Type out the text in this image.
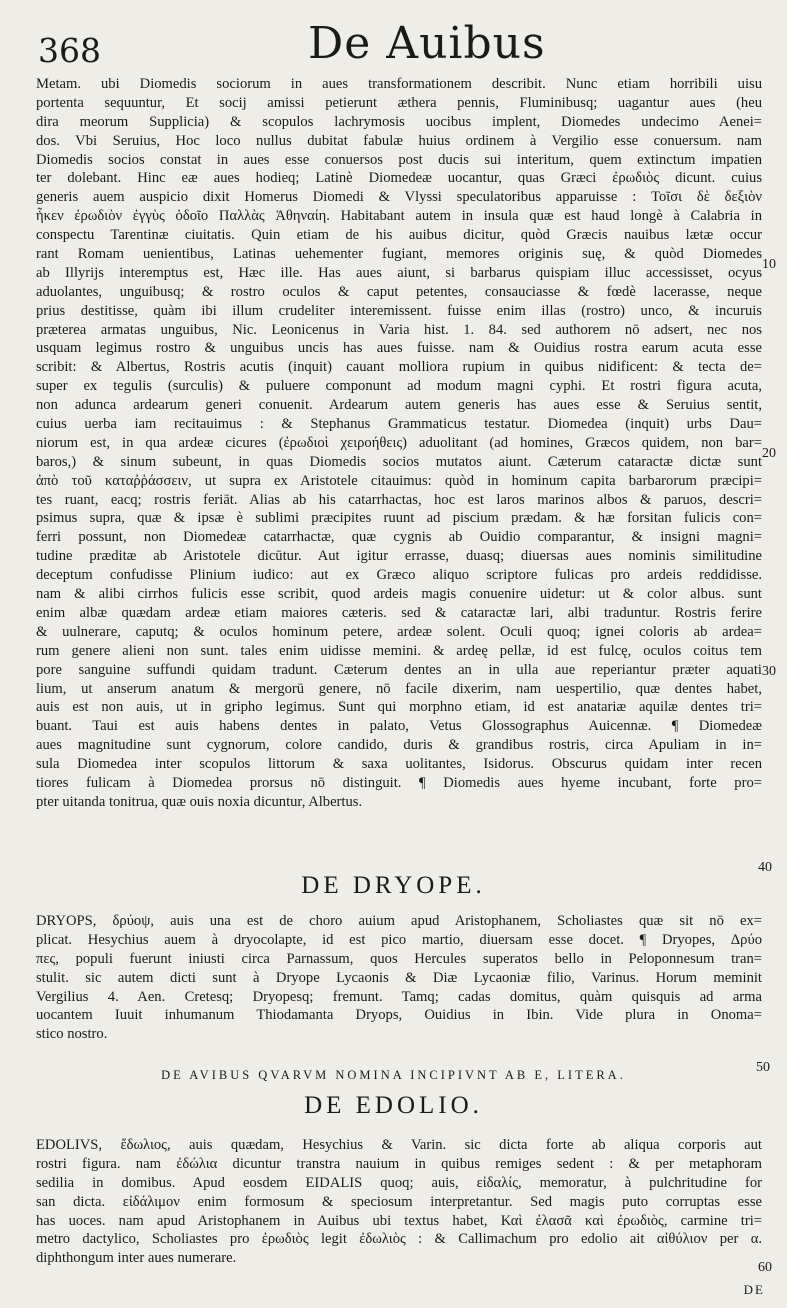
368	De Auibus
Metam. ubi Diomedis sociorum in aues transformationem describit. Nunc etiam horribili uisu
portenta sequuntur, Et socij amissi petierunt æthera pennis, Fluminibusq; uagantur aues (heu
dira meorum Supplicia) & scopulos lachrymosis uocibus implent, Diomedes undecimo Aenei=
dos. Vbi Seruius, Hoc loco nullus dubitat fabulæ huius ordinem à Vergilio esse conuersum. nam
Diomedis socios constat in aues esse conuersos post ducis sui interitum, quem extinctum impatien
ter dolebant. Hinc eæ aues hodieq; Latinè Diomedeæ uocantur, quas Græci ἐρωδιὸς dicunt. cuius
generis auem auspicio dixit Homerus Diomedi & Vlyssi speculatoribus apparuisse : Τοῖσι δὲ δεξιὸν
ἧκεν ἐρωδιὸν ἐγγὺς ὁδοῖο Παλλὰς Ἀθηναίη. Habitabant autem in insula quæ est haud longè à Calabria in
conspectu Tarentinæ ciuitatis. Quin etiam de his auibus dicitur, quòd Græcis nauibus lætæ occur
rant Romam uenientibus, Latinas uehementer fugiant, memores originis suę, & quòd Diomedes
ab Illyrijs interemptus est, Hæc ille. Has aues aiunt, si barbarus quispiam illuc accessisset, ocyus
aduolantes, unguibusq; & rostro oculos & caput petentes, consauciasse & fœdè lacerasse, neque
prius destitisse, quàm ibi illum crudeliter interemissent. fuisse enim illas (rostro) unco, & incuruis
præterea armatas unguibus, Nic. Leonicenus in Varia hist. 1. 84. sed authorem nō adsert, nec nos
usquam legimus rostro & unguibus uncis has aues fuisse. nam & Ouidius rostra earum acuta esse
scribit: & Albertus, Rostris acutis (inquit) cauant molliora rupium in quibus nidificent: & tecta de=
super ex tegulis (surculis) & puluere componunt ad modum magni cyphi. Et rostri figura acuta,
non adunca ardearum generi conuenit. Ardearum autem generis has aues esse & Seruius sentit,
cuius uerba iam recitauimus : & Stephanus Grammaticus testatur. Diomedea (inquit) urbs Dau=
niorum est, in qua ardeæ cicures (ἐρωδιοὶ χειροήθεις) aduolitant (ad homines, Græcos quidem, non bar=
baros,) & sinum subeunt, in quas Diomedis socios mutatos aiunt. Cæterum cataractæ dictæ sunt
ἀπὸ τοῦ καταῤῥάσσειν, ut supra ex Aristotele citauimus: quòd in hominum capita barbarorum præcipi=
tes ruant, eacq; rostris feriāt. Alias ab his catarrhactas, hoc est laros marinos albos & paruos, descri=
psimus supra, quæ & ipsæ è sublimi præcipites ruunt ad piscium prædam. & hæ forsitan fulicis con=
ferri possunt, non Diomedeæ catarrhactæ, quæ cygnis ab Ouidio comparantur, & insigni magni=
tudine præditæ ab Aristotele dicūtur. Aut igitur errasse, duasq; diuersas aues nominis similitudine
deceptum confudisse Plinium iudico: aut ex Græco aliquo scriptore fulicas pro ardeis reddidisse.
nam & alibi cirrhos fulicis esse scribit, quod ardeis magis conuenire uidetur: ut & color albus. sunt
enim albæ quædam ardeæ etiam maiores cæteris. sed & cataractæ lari, albi traduntur. Rostris ferire
& uulnerare, caputq; & oculos hominum petere, ardeæ solent. Oculi quoq; ignei coloris ab ardea=
rum genere alieni non sunt. tales enim uidisse memini. & ardeę pellæ, id est fulcę, oculos coitus tem
pore sanguine suffundi quidam tradunt. Cæterum dentes an in ulla aue reperiantur præter aquati
lium, ut anserum anatum & mergorū genere, nō facile dixerim, nam uespertilio, quæ dentes habet,
auis est non auis, ut in gripho legimus. Sunt qui morphno etiam, id est anatariæ aquilæ dentes tri=
buant. Taui est auis habens dentes in palato, Vetus Glossographus Auicennæ. ¶ Diomedeæ
aues magnitudine sunt cygnorum, colore candido, duris & grandibus rostris, circa Apuliam in in=
sula Diomedea inter scopulos littorum & saxa uolitantes, Isidorus. Obscurus quidam inter recen
tiores fulicam à Diomedea prorsus nō distinguit. ¶ Diomedis aues hyeme incubant, forte pro=
pter uitanda tonitrua, quæ ouis noxia dicuntur, Albertus.
10
20
30
40
50
60
DE DRYOPE.
DRYOPS, δρύοψ, auis una est de choro auium apud Aristophanem, Scholiastes quæ sit nō ex=
plicat. Hesychius auem à dryocolapte, id est pico martio, diuersam esse docet. ¶ Dryopes, Δρύο
πες, populi fuerunt iniusti circa Parnassum, quos Hercules superatos bello in Peloponnesum tran=
stulit. sic autem dicti sunt à Dryope Lycaonis & Diæ Lycaoniæ filio, Varinus. Horum meminit
Vergilius 4. Aen. Cretesq; Dryopesq; fremunt. Tamq; cadas domitus, quàm quisquis ad arma
uocantem Iuuit inhumanum Thiodamanta Dryops, Ouidius in Ibin. Vide plura in Onoma=
stico nostro.
DE AVIBUS QVARVM NOMINA INCIPIVNT AB E, LITERA.
DE EDOLIO.
EDOLIVS, ἔδωλιος, auis quædam, Hesychius & Varin. sic dicta forte ab aliqua corporis aut
rostri figura. nam ἐδώλια dicuntur transtra nauium in quibus remiges sedent : & per metaphoram
sedilia in domibus. Apud eosdem EIDALIS quoq; auis, εἰδαλίς, memoratur, à pulchritudine for
san dicta. εἰδάλιμον enim formosum & speciosum interpretantur. Sed magis puto corruptas esse
has uoces. nam apud Aristophanem in Auibus ubi textus habet, Καὶ ἐλασᾶ καὶ ἐρωδιὸς, carmine tri=
metro dactylico, Scholiastes pro ἐρωδιὸς legit ἐδωλιὸς : & Callimachum pro edolio ait αἰθύλιον per α.
diphthongum inter aues numerare.
DE
